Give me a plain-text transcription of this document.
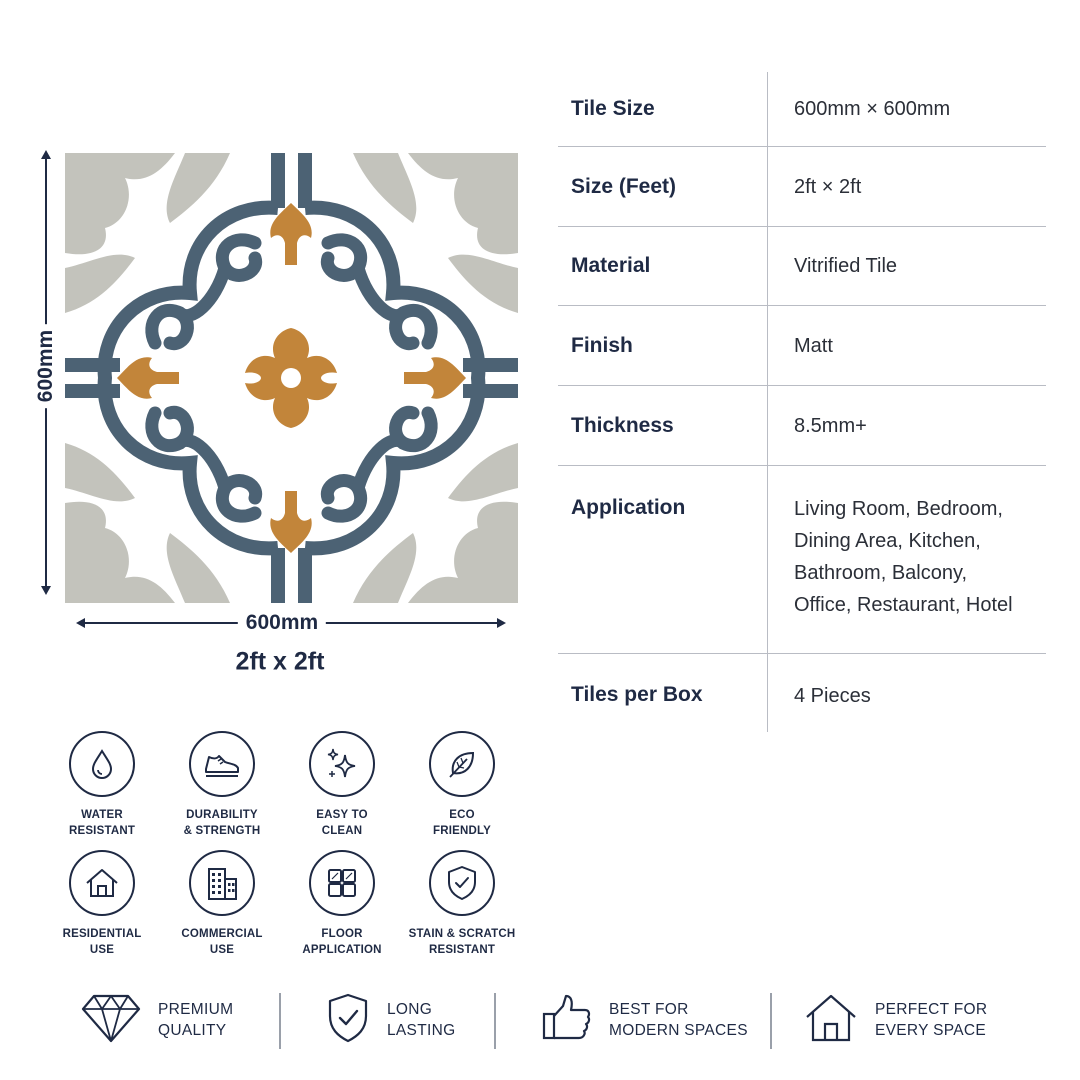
600mm
600mm
2ft x 2ft
Tile Size	600mm × 600mm
Size (Feet)	2ft × 2ft
Material	Vitrified Tile
Finish	Matt
Thickness	8.5mm+
Application	Living Room, Bedroom,
Dining Area, Kitchen,
Bathroom, Balcony,
Office, Restaurant, Hotel
Tiles per Box	4 Pieces
WATER
RESISTANT
DURABILITY
& STRENGTH
EASY TO
CLEAN
ECO
FRIENDLY
RESIDENTIAL
USE
COMMERCIAL
USE
FLOOR
APPLICATION
STAIN & SCRATCH
RESISTANT
PREMIUM
QUALITY
LONG
LASTING
BEST FOR
MODERN SPACES
PERFECT FOR
EVERY SPACE
